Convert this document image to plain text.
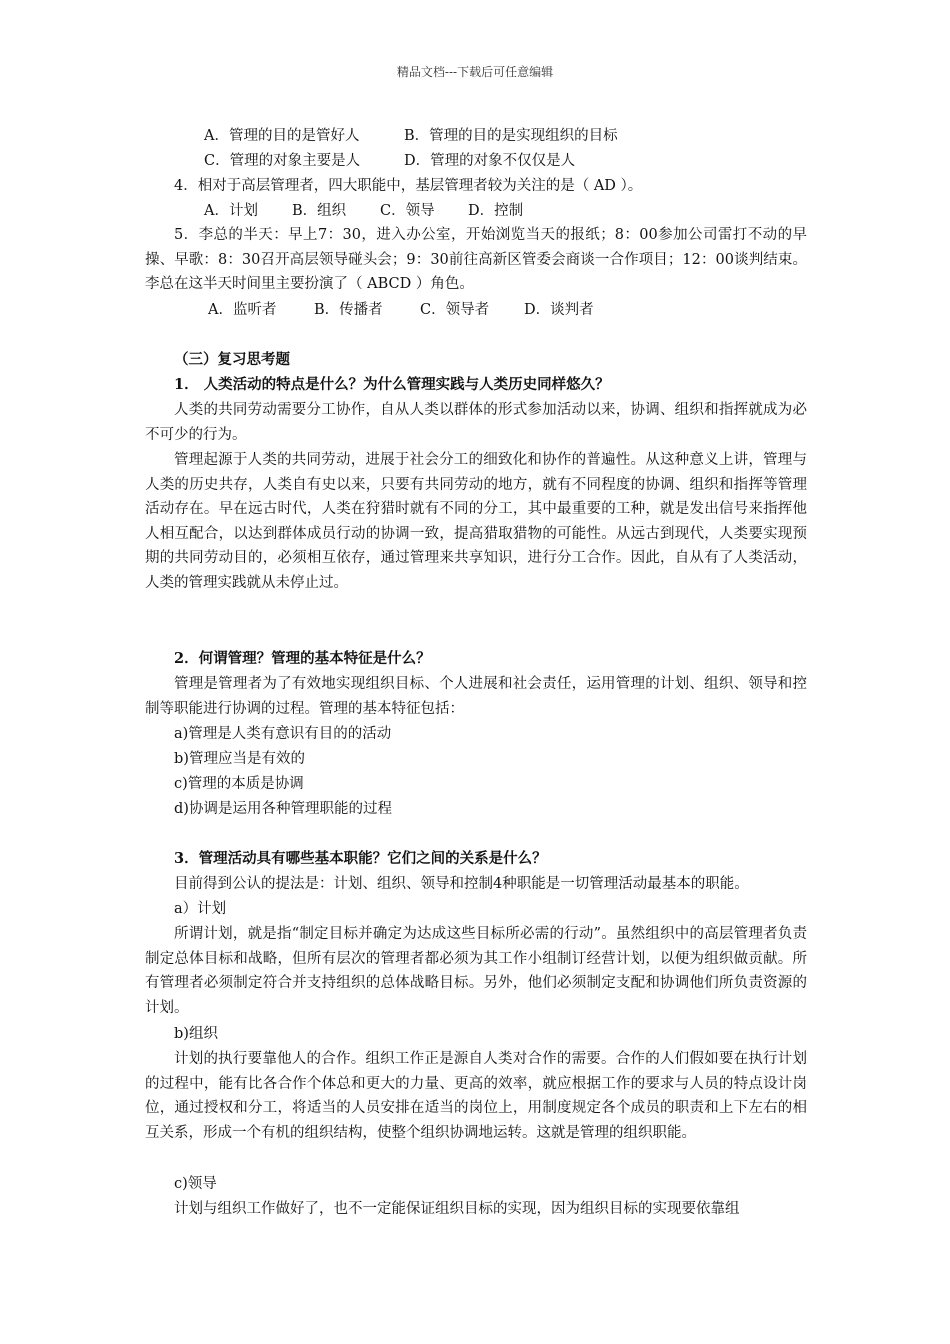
精品文档---下载后可任意编辑
A．管理的目的是管好人	B．管理的目的是实现组织的目标
C．管理的对象主要是人	D．管理的对象不仅仅是人
4．相对于高层管理者，四大职能中，基层管理者较为关注的是（ AD ）。
A．计划 B．组织 C．领导 D．控制
5．李总的半天：早上7：30，进入办公室，开始浏览当天的报纸；8：00参加公司雷打不动的早操、早歌：8：30召开高层领导碰头会；9：30前往高新区管委会商谈一合作项目；12：00谈判结束。李总在这半天时间里主要扮演了（ ABCD ）角色。
A．监听者	B．传播者	C．领导者 D．谈判者
（三）复习思考题
1． 人类活动的特点是什么？为什么管理实践与人类历史同样悠久？
人类的共同劳动需要分工协作，自从人类以群体的形式参加活动以来，协调、组织和指挥就成为必不可少的行为。
管理起源于人类的共同劳动，进展于社会分工的细致化和协作的普遍性。从这种意义上讲，管理与人类的历史共存，人类自有史以来，只要有共同劳动的地方，就有不同程度的协调、组织和指挥等管理活动存在。早在远古时代，人类在狩猎时就有不同的分工，其中最重要的工种，就是发出信号来指挥他人相互配合，以达到群体成员行动的协调一致，提高猎取猎物的可能性。从远古到现代，人类要实现预期的共同劳动目的，必须相互依存，通过管理来共享知识，进行分工合作。因此，自从有了人类活动，人类的管理实践就从未停止过。
2．何谓管理？管理的基本特征是什么？
管理是管理者为了有效地实现组织目标、个人进展和社会责任，运用管理的计划、组织、领导和控制等职能进行协调的过程。管理的基本特征包括：
a)管理是人类有意识有目的的活动
b)管理应当是有效的
c)管理的本质是协调
d)协调是运用各种管理职能的过程
3．管理活动具有哪些基本职能？它们之间的关系是什么？
目前得到公认的提法是：计划、组织、领导和控制4种职能是一切管理活动最基本的职能。
a）计划
所谓计划，就是指“制定目标并确定为达成这些目标所必需的行动”。虽然组织中的高层管理者负责制定总体目标和战略，但所有层次的管理者都必须为其工作小组制订经营计划，以便为组织做贡献。所有管理者必须制定符合并支持组织的总体战略目标。另外，他们必须制定支配和协调他们所负责资源的计划。
b)组织
计划的执行要靠他人的合作。组织工作正是源自人类对合作的需要。合作的人们假如要在执行计划的过程中，能有比各合作个体总和更大的力量、更高的效率，就应根据工作的要求与人员的特点设计岗位，通过授权和分工，将适当的人员安排在适当的岗位上，用制度规定各个成员的职责和上下左右的相互关系，形成一个有机的组织结构，使整个组织协调地运转。这就是管理的组织职能。
c)领导
计划与组织工作做好了，也不一定能保证组织目标的实现，因为组织目标的实现要依靠组
